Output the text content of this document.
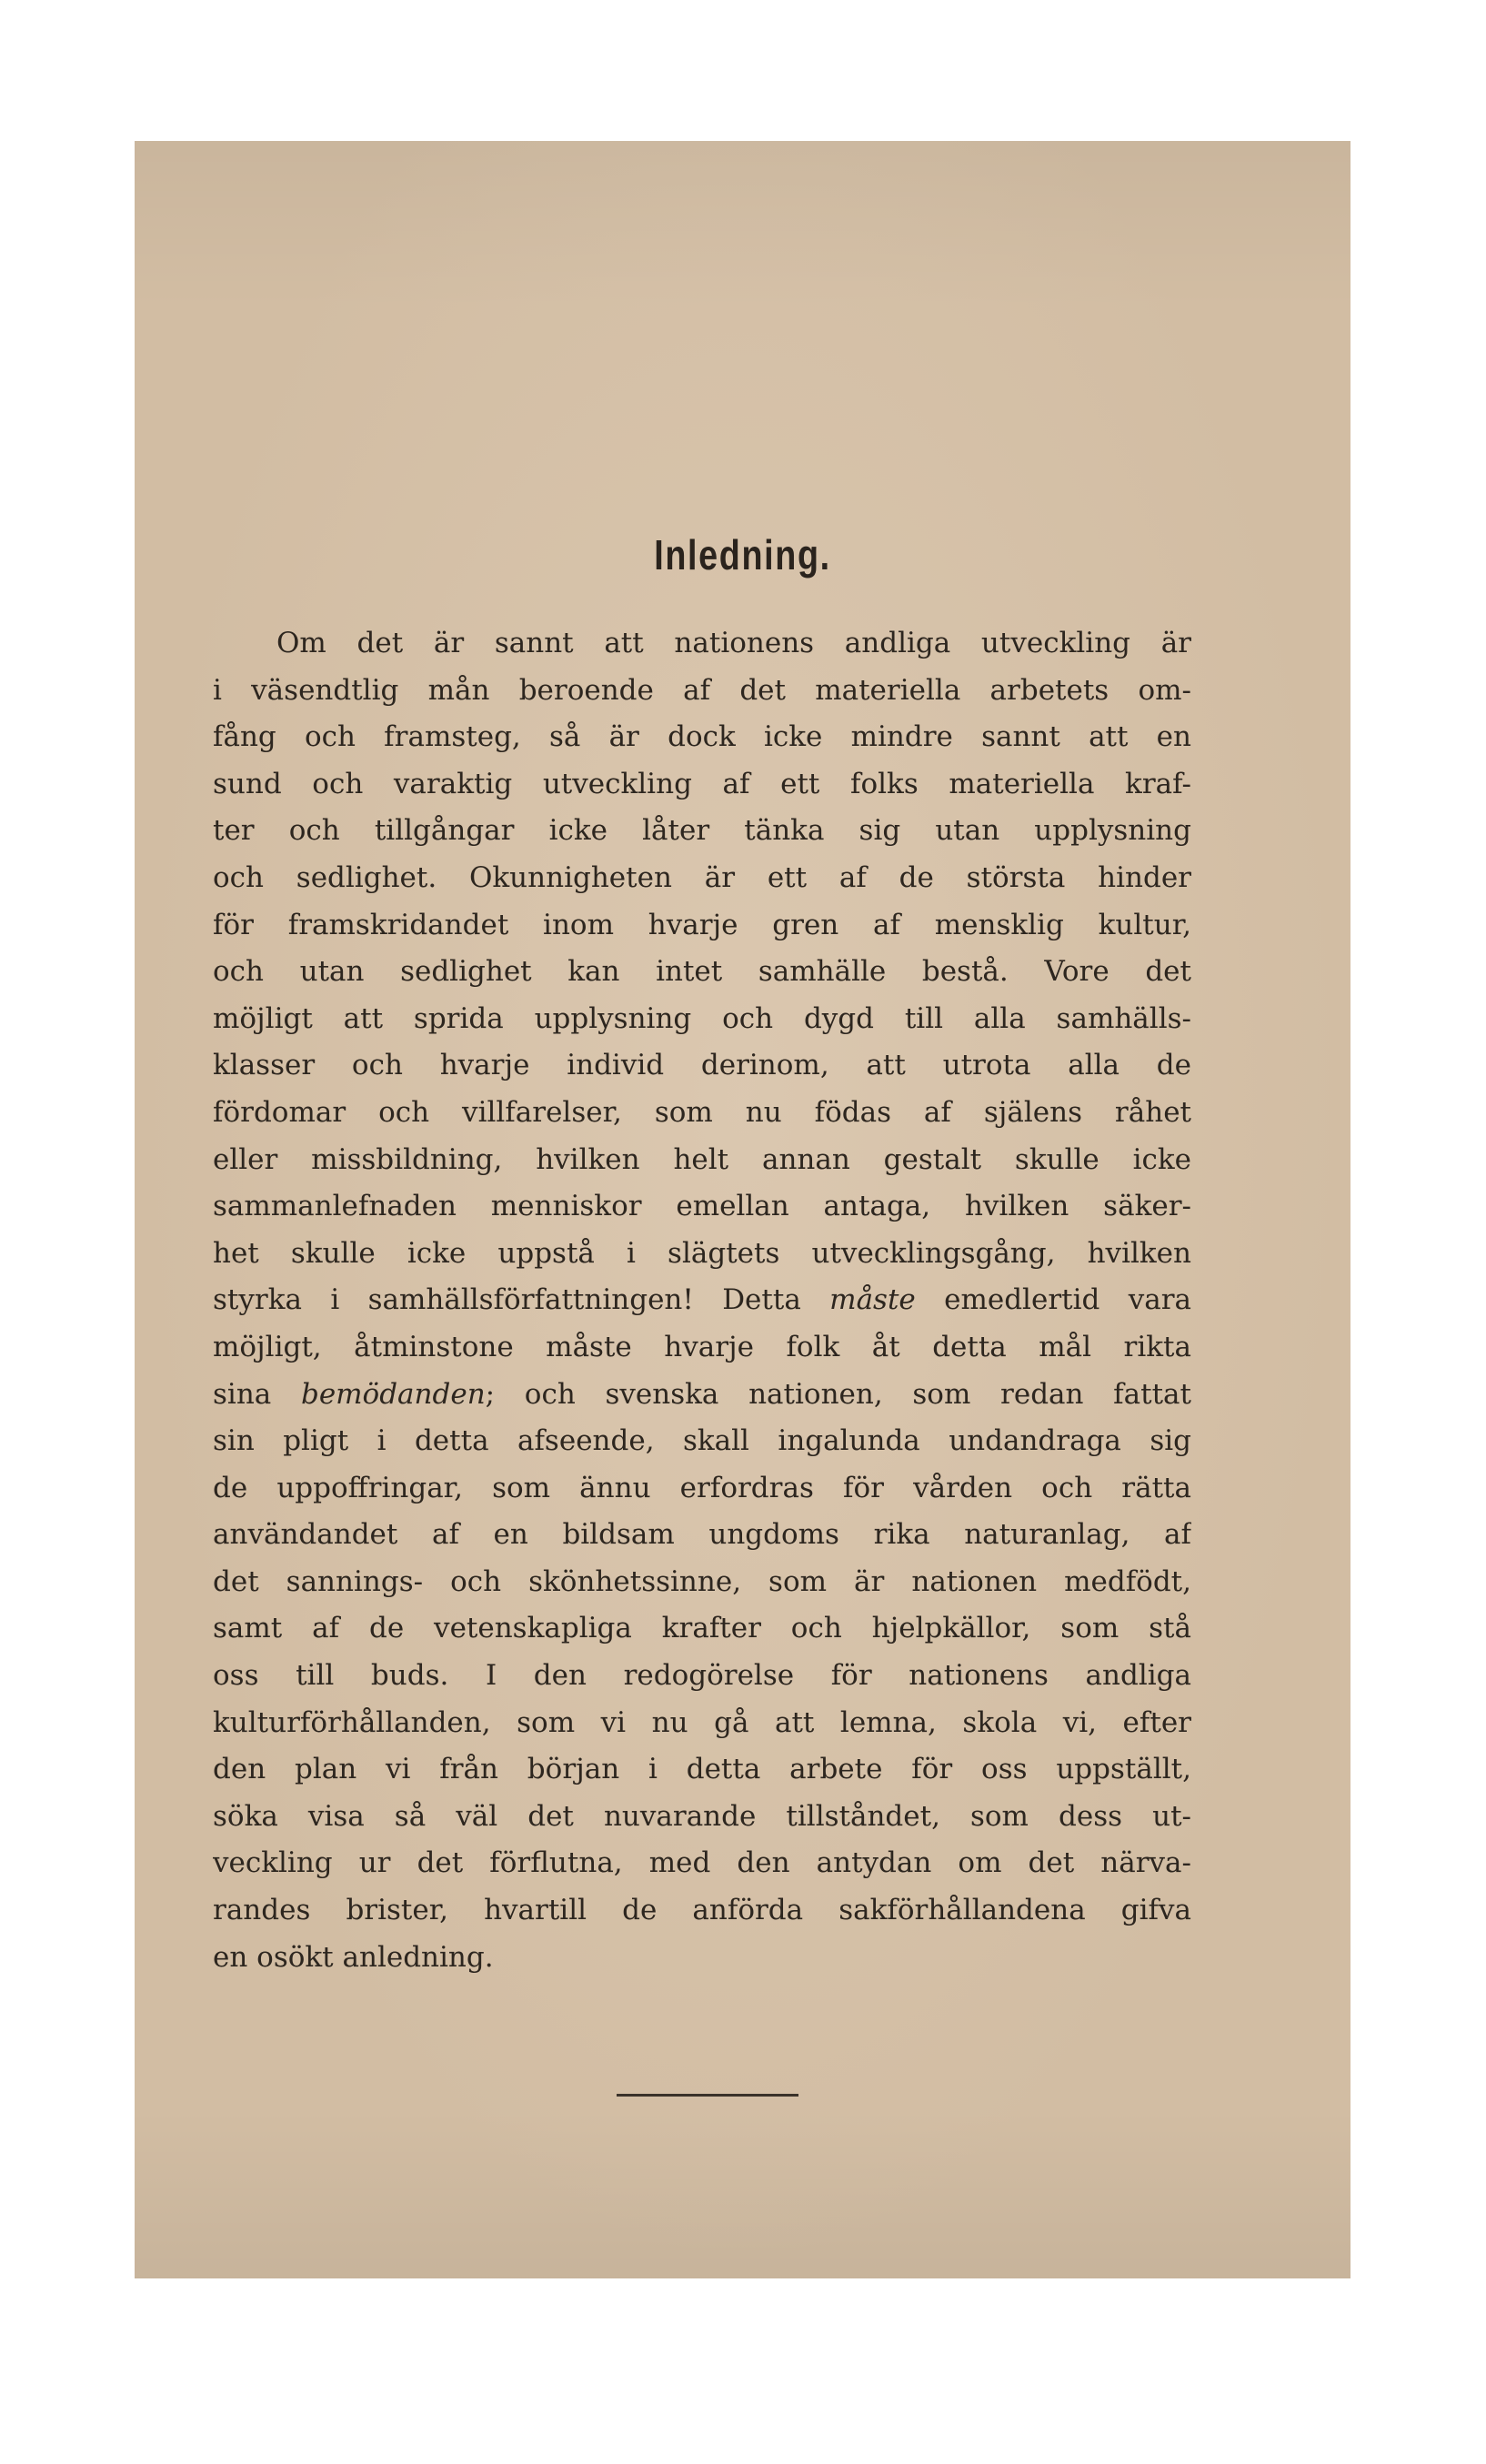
Inledning.
Om det är sannt att nationens andliga utveckling är
i väsendtlig mån beroende af det materiella arbetets om-
fång och framsteg, så är dock icke mindre sannt att en
sund och varaktig utveckling af ett folks materiella kraf-
ter och tillgångar icke låter tänka sig utan upplysning
och sedlighet. Okunnigheten är ett af de största hinder
för framskridandet inom hvarje gren af mensklig kultur,
och utan sedlighet kan intet samhälle bestå. Vore det
möjligt att sprida upplysning och dygd till alla samhälls-
klasser och hvarje individ derinom, att utrota alla de
fördomar och villfarelser, som nu födas af själens råhet
eller missbildning, hvilken helt annan gestalt skulle icke
sammanlefnaden menniskor emellan antaga, hvilken säker-
het skulle icke uppstå i slägtets utvecklingsgång, hvilken
styrka i samhällsförfattningen! Detta måste emedlertid vara
möjligt, åtminstone måste hvarje folk åt detta mål rikta
sina bemödanden; och svenska nationen, som redan fattat
sin pligt i detta afseende, skall ingalunda undandraga sig
de uppoffringar, som ännu erfordras för vården och rätta
användandet af en bildsam ungdoms rika naturanlag, af
det sannings- och skönhetssinne, som är nationen medfödt,
samt af de vetenskapliga krafter och hjelpkällor, som stå
oss till buds. I den redogörelse för nationens andliga
kulturförhållanden, som vi nu gå att lemna, skola vi, efter
den plan vi från början i detta arbete för oss uppställt,
söka visa så väl det nuvarande tillståndet, som dess ut-
veckling ur det förflutna, med den antydan om det närva-
randes brister, hvartill de anförda sakförhållandena gifva
en osökt anledning.
